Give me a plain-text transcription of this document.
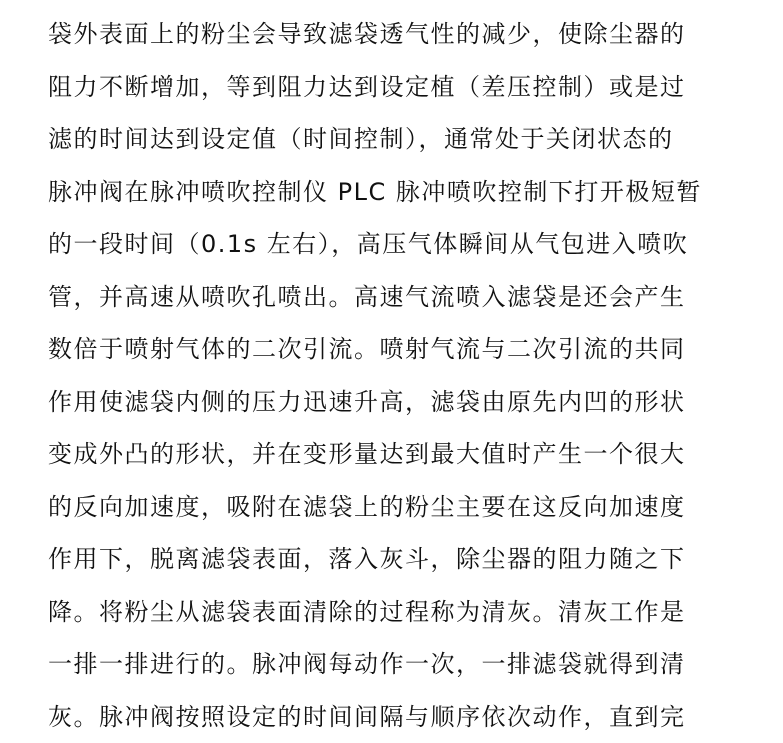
袋外表面上的粉尘会导致滤袋透气性的减少，使除尘器的
阻力不断增加，等到阻力达到设定植（差压控制）或是过
滤的时间达到设定值（时间控制），通常处于关闭状态的
脉冲阀在脉冲喷吹控制仪 PLC 脉冲喷吹控制下打开极短暂
的一段时间（0.1s 左右），高压气体瞬间从气包进入喷吹
管，并高速从喷吹孔喷出。高速气流喷入滤袋是还会产生
数倍于喷射气体的二次引流。喷射气流与二次引流的共同
作用使滤袋内侧的压力迅速升高，滤袋由原先内凹的形状
变成外凸的形状，并在变形量达到最大值时产生一个很大
的反向加速度，吸附在滤袋上的粉尘主要在这反向加速度
作用下，脱离滤袋表面，落入灰斗，除尘器的阻力随之下
降。将粉尘从滤袋表面清除的过程称为清灰。清灰工作是
一排一排进行的。脉冲阀每动作一次，一排滤袋就得到清
灰。脉冲阀按照设定的时间间隔与顺序依次动作，直到完
